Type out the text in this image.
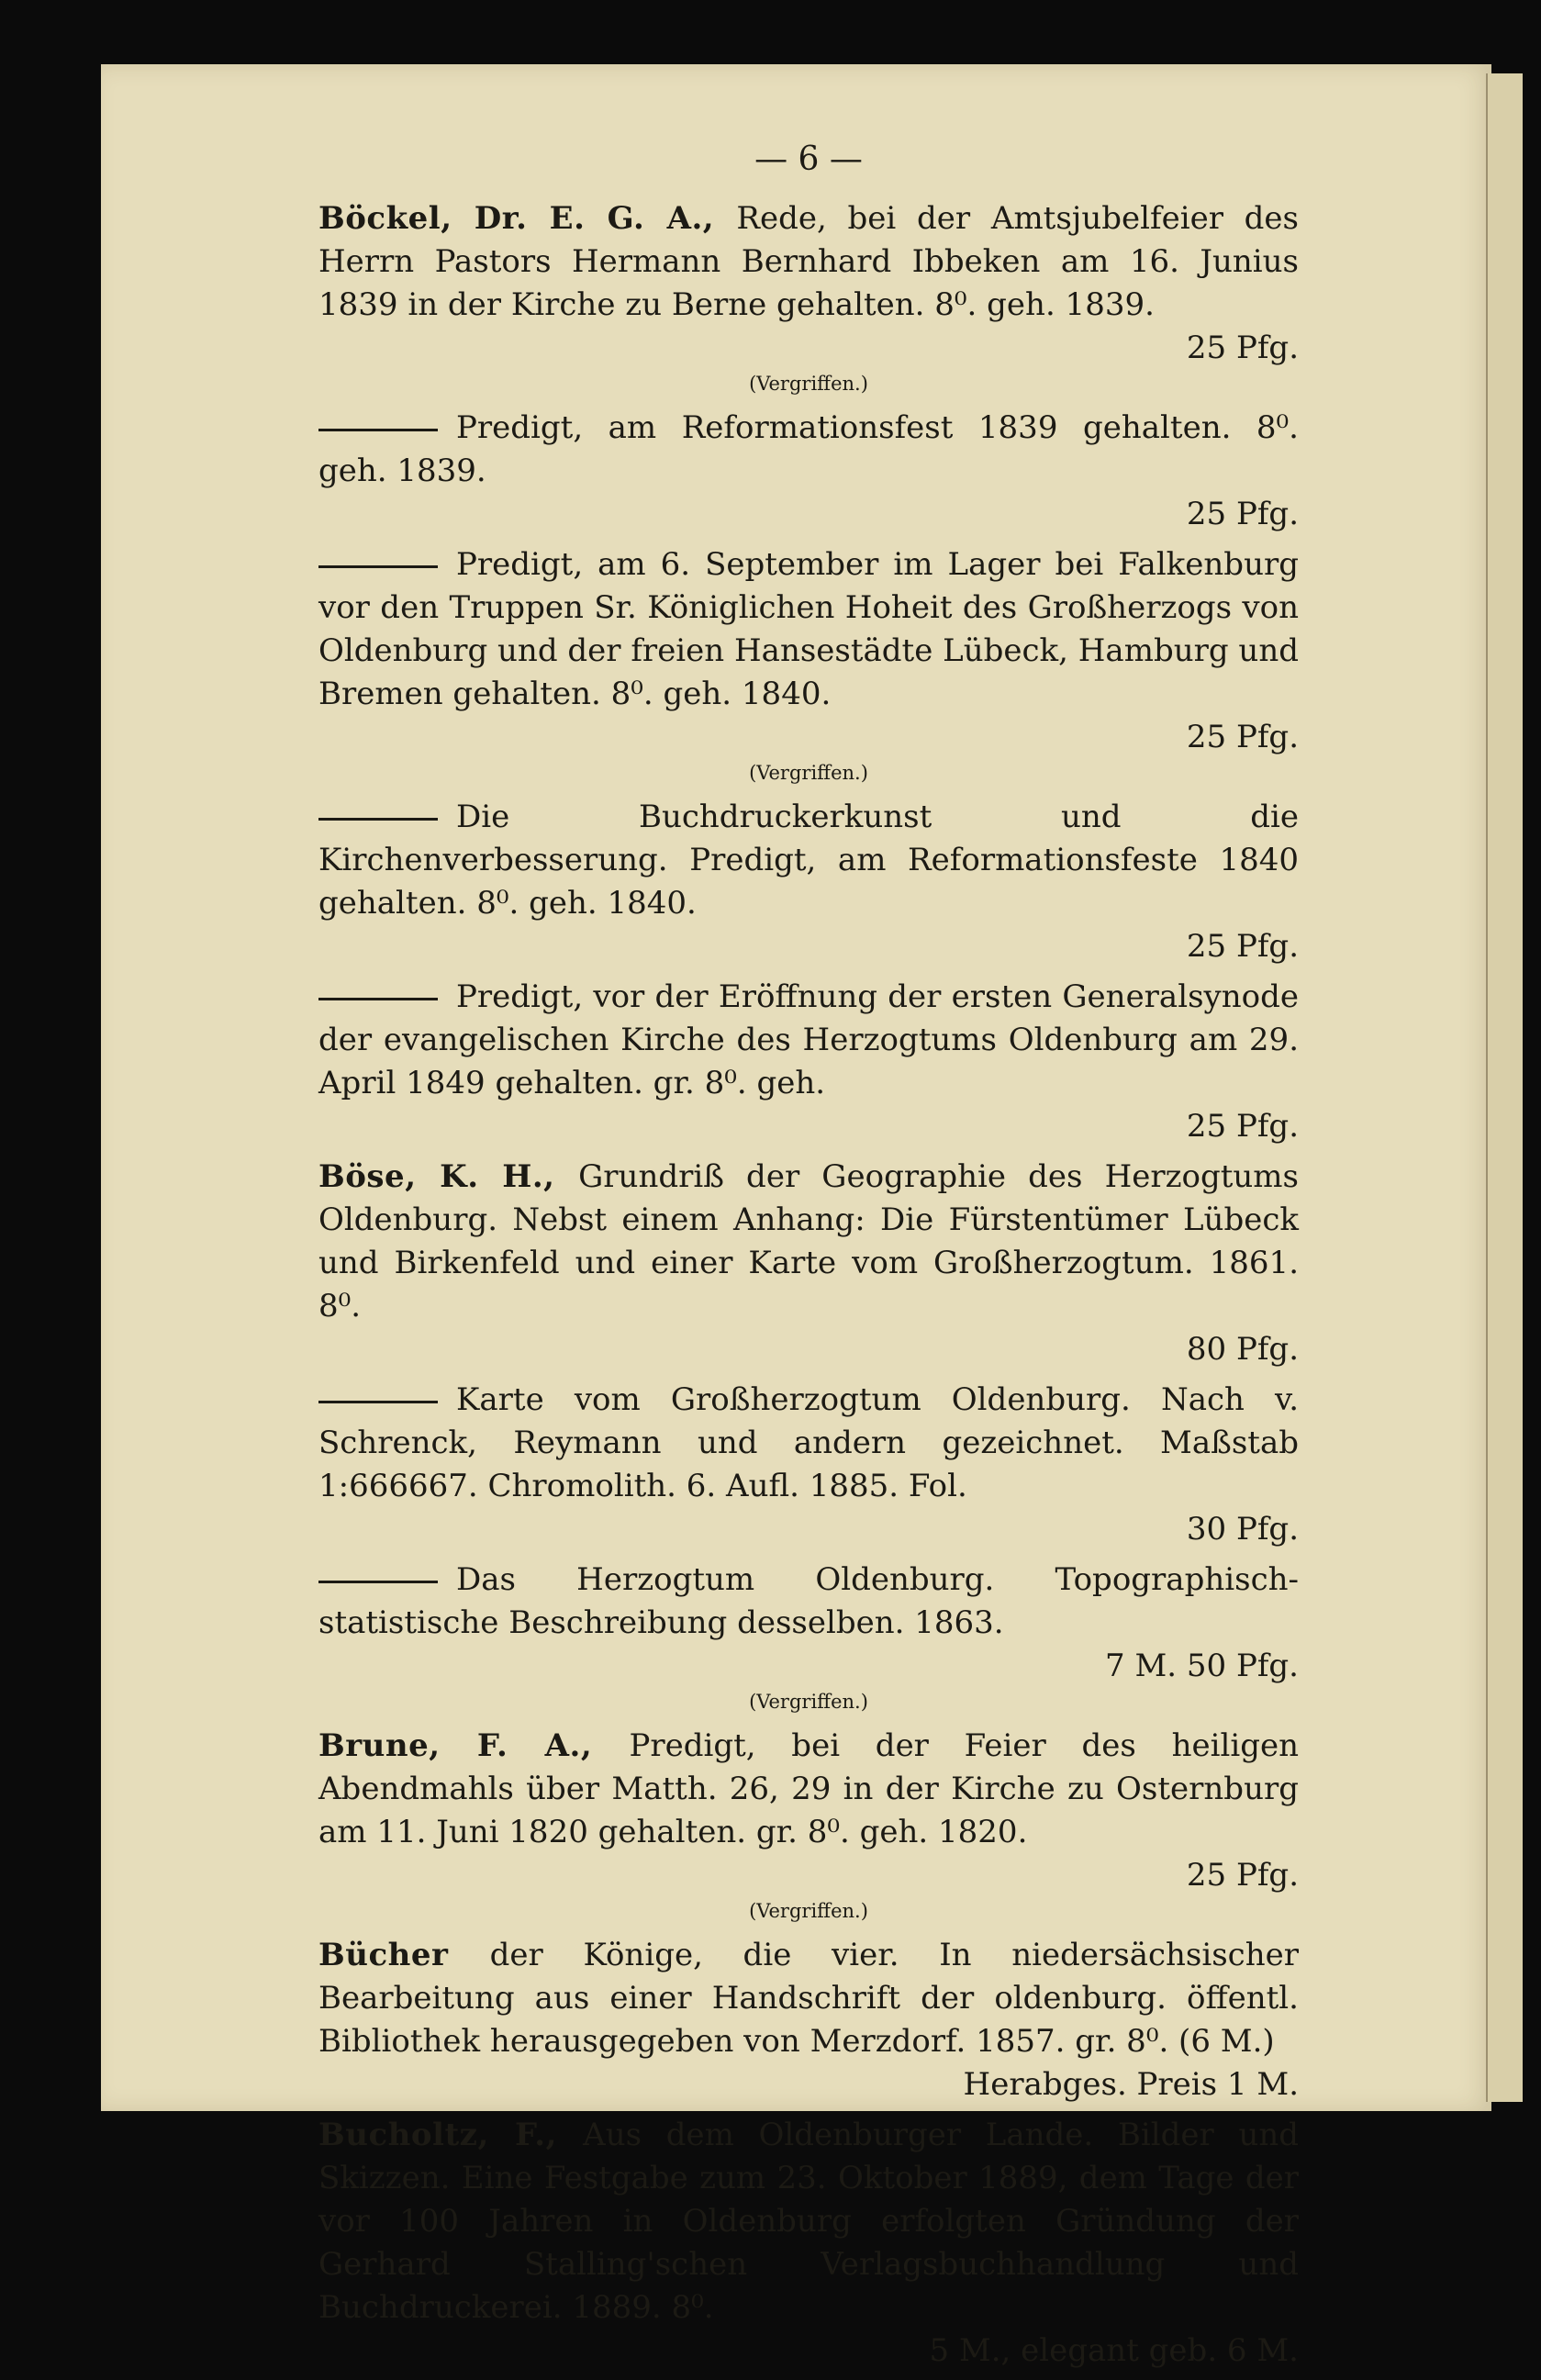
— 6 —
Böckel, Dr. E. G. A., Rede, bei der Amtsjubelfeier des Herrn Pastors Hermann Bernhard Ibbeken am 16. Junius 1839 in der Kirche zu Berne gehalten. 8⁰. geh. 1839.
25 Pfg.
(Vergriffen.)
Predigt, am Reformationsfest 1839 gehalten. 8⁰. geh. 1839.
25 Pfg.
Predigt, am 6. September im Lager bei Falkenburg vor den Truppen Sr. Königlichen Hoheit des Großherzogs von Oldenburg und der freien Hansestädte Lübeck, Hamburg und Bremen gehalten. 8⁰. geh. 1840.
25 Pfg.
(Vergriffen.)
Die Buchdruckerkunst und die Kirchenverbesserung. Predigt, am Reformationsfeste 1840 gehalten. 8⁰. geh. 1840.
25 Pfg.
Predigt, vor der Eröffnung der ersten Generalsynode der evangelischen Kirche des Herzogtums Oldenburg am 29. April 1849 gehalten. gr. 8⁰. geh.
25 Pfg.
Böse, K. H., Grundriß der Geographie des Herzogtums Oldenburg. Nebst einem Anhang: Die Fürstentümer Lübeck und Birkenfeld und einer Karte vom Großherzogtum. 1861. 8⁰.
80 Pfg.
Karte vom Großherzogtum Oldenburg. Nach v. Schrenck, Reymann und andern gezeichnet. Maßstab 1:666667. Chromolith. 6. Aufl. 1885. Fol.
30 Pfg.
Das Herzogtum Oldenburg. Topographisch-statistische Beschreibung desselben. 1863.
7 M. 50 Pfg.
(Vergriffen.)
Brune, F. A., Predigt, bei der Feier des heiligen Abendmahls über Matth. 26, 29 in der Kirche zu Osternburg am 11. Juni 1820 gehalten. gr. 8⁰. geh. 1820.
25 Pfg.
(Vergriffen.)
Bücher der Könige, die vier. In niedersächsischer Bearbeitung aus einer Handschrift der oldenburg. öffentl. Bibliothek herausgegeben von Merzdorf. 1857. gr. 8⁰. (6 M.)
Herabges. Preis 1 M.
Bucholtz, F., Aus dem Oldenburger Lande. Bilder und Skizzen. Eine Festgabe zum 23. Oktober 1889, dem Tage der vor 100 Jahren in Oldenburg erfolgten Gründung der Gerhard Stalling'schen Verlagsbuchhandlung und Buchdruckerei. 1889. 8⁰.
5 M., elegant geb. 6 M.
